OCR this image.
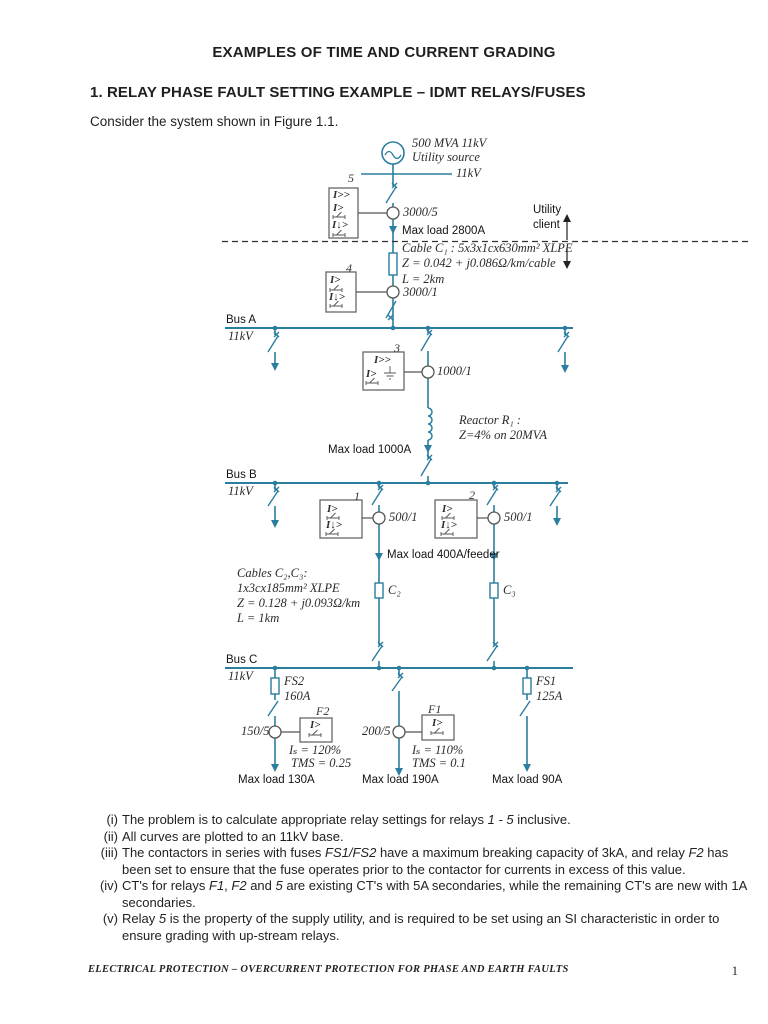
EXAMPLES OF TIME AND CURRENT GRADING
1. RELAY PHASE FAULT SETTING EXAMPLE – IDMT RELAYS/FUSES
Consider the system shown in Figure 1.1.
500 MVA 11kV
Utility source
11kV
5
I>>
I>
I↓>
3000/5
Max load 2800A
Utility
client
Cable C₁ : 5x3x1cx630mm² XLPE
Z = 0.042 + j0.086Ω/km/cable
L = 2km
4
I>
I↓>	3000/1
Bus A
11kV
3
I>>
I>	1000/1
Reactor R₁ :
Z=4% on 20MVA
Max load 1000A
Bus B
11kV	1
I>
I↓>
500/1
2
I>
I↓>
500/1
Max load 400A/feeder
Cables C₂,C₃:
1x3cx185mm² XLPE
Z = 0.128 + j0.093Ω/km
L = 1km
C₂	C₃
Bus C
11kV FS2
160A
FS1
125A
F2
150/5	I>
Iₛ = 120%
TMS = 0.25
Max load 130A
F1
200/5
I>
Iₛ = 110%
TMS = 0.1
Max load 190A	Max load 90A
(i) The problem is to calculate appropriate relay settings for relays 1 - 5 inclusive.
(ii) All curves are plotted to an 11kV base.
(iii) The contactors in series with fuses FS1/FS2 have a maximum breaking capacity of 3kA, and relay F2 has been set to ensure that the fuse operates prior to the contactor for currents in excess of this value.
(iv) CT's for relays F1, F2 and 5 are existing CT's with 5A secondaries, while the remaining CT's are new with 1A secondaries.
(v) Relay 5 is the property of the supply utility, and is required to be set using an SI characteristic in order to ensure grading with up-stream relays.
ELECTRICAL PROTECTION – OVERCURRENT PROTECTION FOR PHASE AND EARTH FAULTS	1
